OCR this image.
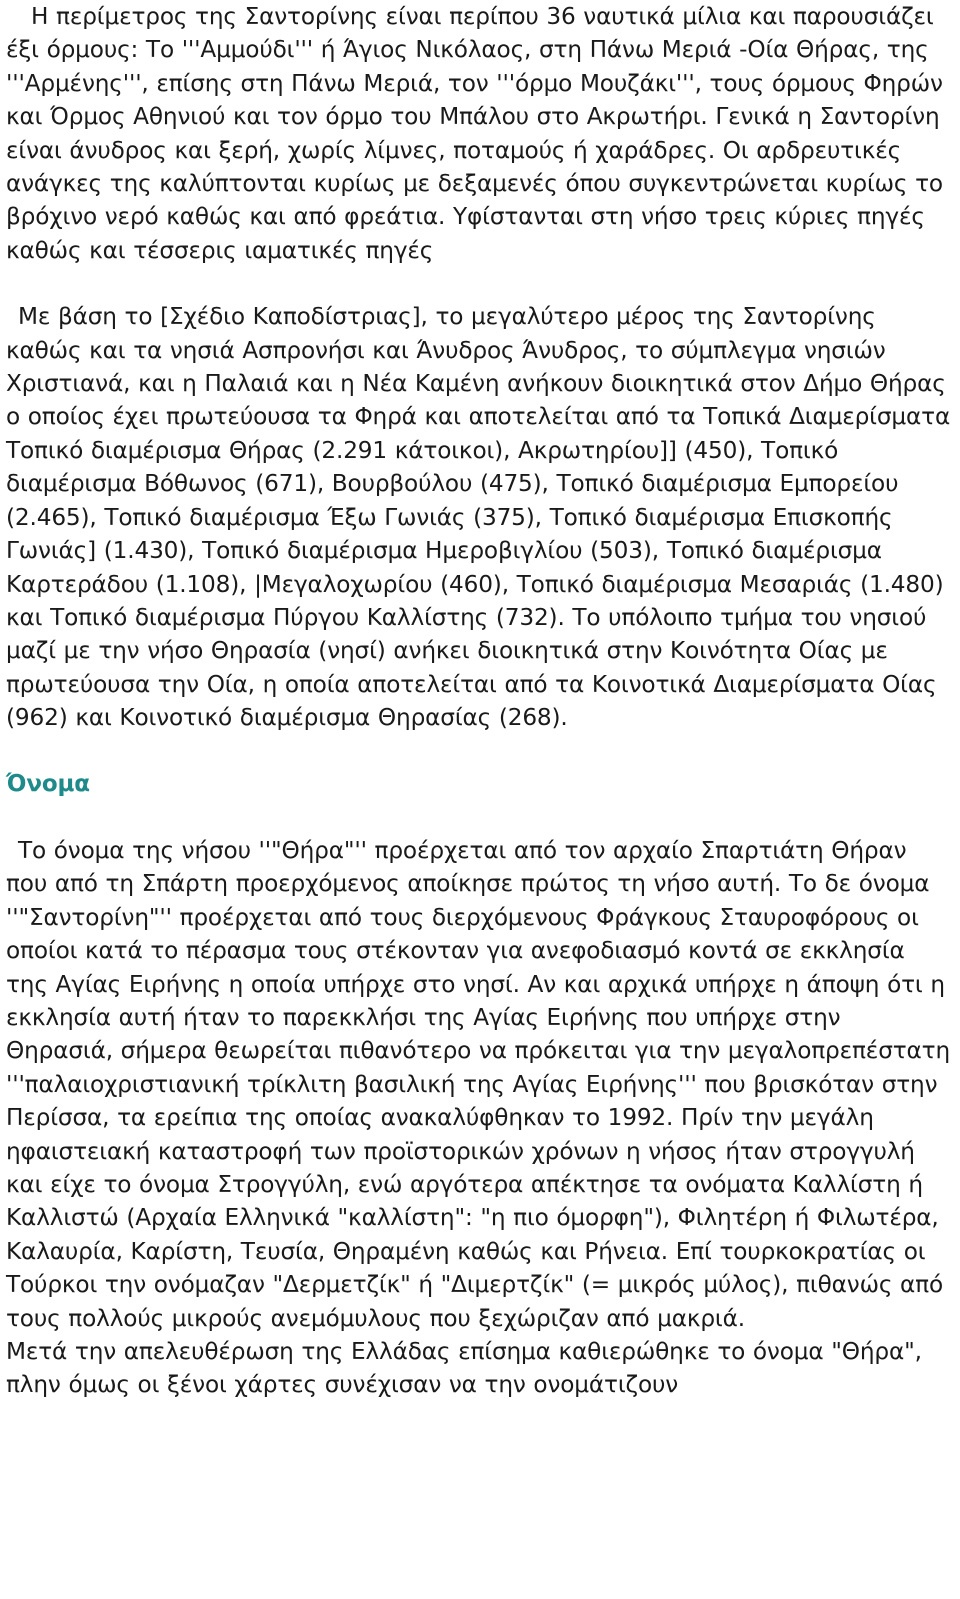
Η περίμετρος της Σαντορίνης είναι περίπου 36 ναυτικά μίλια και παρουσιάζει έξι όρμους: Το '''Αμμούδι''' ή Άγιος Νικόλαος, στη Πάνω Μεριά -Οία Θήρας, της '''Αρμένης''', επίσης στη Πάνω Μεριά, τον '''όρμο Μουζάκι''', τους όρμους Φηρών και Όρμος Αθηνιού και τον όρμο του Μπάλου στο Ακρωτήρι. Γενικά η Σαντορίνη είναι άνυδρος και ξερή, χωρίς λίμνες, ποταμούς ή χαράδρες. Οι αρδρευτικές ανάγκες της καλύπτονται κυρίως με δεξαμενές όπου συγκεντρώνεται κυρίως το βρόχινο νερό καθώς και από φρεάτια. Υφίστανται στη νήσο τρεις κύριες πηγές καθώς και τέσσερις ιαματικές πηγές

Με βάση το [Σχέδιο Καποδίστριας], το μεγαλύτερο μέρος της Σαντορίνης καθώς και τα νησιά Ασπρονήσι και Άνυδρος Άνυδρος, το σύμπλεγμα νησιών Χριστιανά, και η Παλαιά και η Νέα Καμένη ανήκουν διοικητικά στον Δήμο Θήρας ο οποίος έχει πρωτεύουσα τα Φηρά και αποτελείται από τα Τοπικά Διαμερίσματα Τοπικό διαμέρισμα Θήρας (2.291 κάτοικοι), Ακρωτηρίου]] (450), Τοπικό διαμέρισμα Βόθωνος (671), Βουρβούλου (475), Τοπικό διαμέρισμα Εμπορείου (2.465), Τοπικό διαμέρισμα Έξω Γωνιάς (375), Τοπικό διαμέρισμα Επισκοπής Γωνιάς] (1.430), Τοπικό διαμέρισμα Ημεροβιγλίου (503), Τοπικό διαμέρισμα Καρτεράδου (1.108), |Μεγαλοχωρίου (460), Τοπικό διαμέρισμα Μεσαριάς (1.480) και Τοπικό διαμέρισμα Πύργου Καλλίστης (732). Το υπόλοιπο τμήμα του νησιού μαζί με την νήσο Θηρασία (νησί) ανήκει διοικητικά στην Κοινότητα Οίας με πρωτεύουσα την Οία, η οποία αποτελείται από τα Κοινοτικά Διαμερίσματα Οίας (962) και Κοινοτικό διαμέρισμα Θηρασίας (268).

Όνομα

Το όνομα της νήσου ''"Θήρα"'' προέρχεται από τον αρχαίο Σπαρτιάτη Θήραν που από τη Σπάρτη προερχόμενος αποίκησε πρώτος τη νήσο αυτή. Το δε όνομα ''"Σαντορίνη"'' προέρχεται από τους διερχόμενους Φράγκους Σταυροφόρους οι οποίοι κατά το πέρασμα τους στέκονταν για ανεφοδιασμό κοντά σε εκκλησία της Αγίας Ειρήνης η οποία υπήρχε στο νησί. Αν και αρχικά υπήρχε η άποψη ότι η εκκλησία αυτή ήταν το παρεκκλήσι της Αγίας Ειρήνης που υπήρχε στην Θηρασιά, σήμερα θεωρείται πιθανότερο να πρόκειται για την μεγαλοπρεπέστατη '''παλαιοχριστιανική τρίκλιτη βασιλική της Αγίας Ειρήνης''' που βρισκόταν στην Περίσσα, τα ερείπια της οποίας ανακαλύφθηκαν το 1992. Πρίν την μεγάλη ηφαιστειακή καταστροφή των προϊστορικών χρόνων η νήσος ήταν στρογγυλή και είχε το όνομα Στρογγύλη, ενώ αργότερα απέκτησε τα ονόματα Καλλίστη ή Καλλιστώ (Αρχαία Ελληνικά "καλλίστη": "η πιο όμορφη"), Φιλητέρη ή Φιλωτέρα, Καλαυρία, Καρίστη, Τευσία, Θηραμένη καθώς και Ρήνεια. Επί τουρκοκρατίας οι Τούρκοι την ονόμαζαν "Δερμετζίκ" ή "Διμερτζίκ" (= μικρός μύλος), πιθανώς από τους πολλούς μικρούς ανεμόμυλους που ξεχώριζαν από μακριά.

Μετά την απελευθέρωση της Ελλάδας επίσημα καθιερώθηκε το όνομα "Θήρα", πλην όμως οι ξένοι χάρτες συνέχισαν να την ονομάτιζουν
